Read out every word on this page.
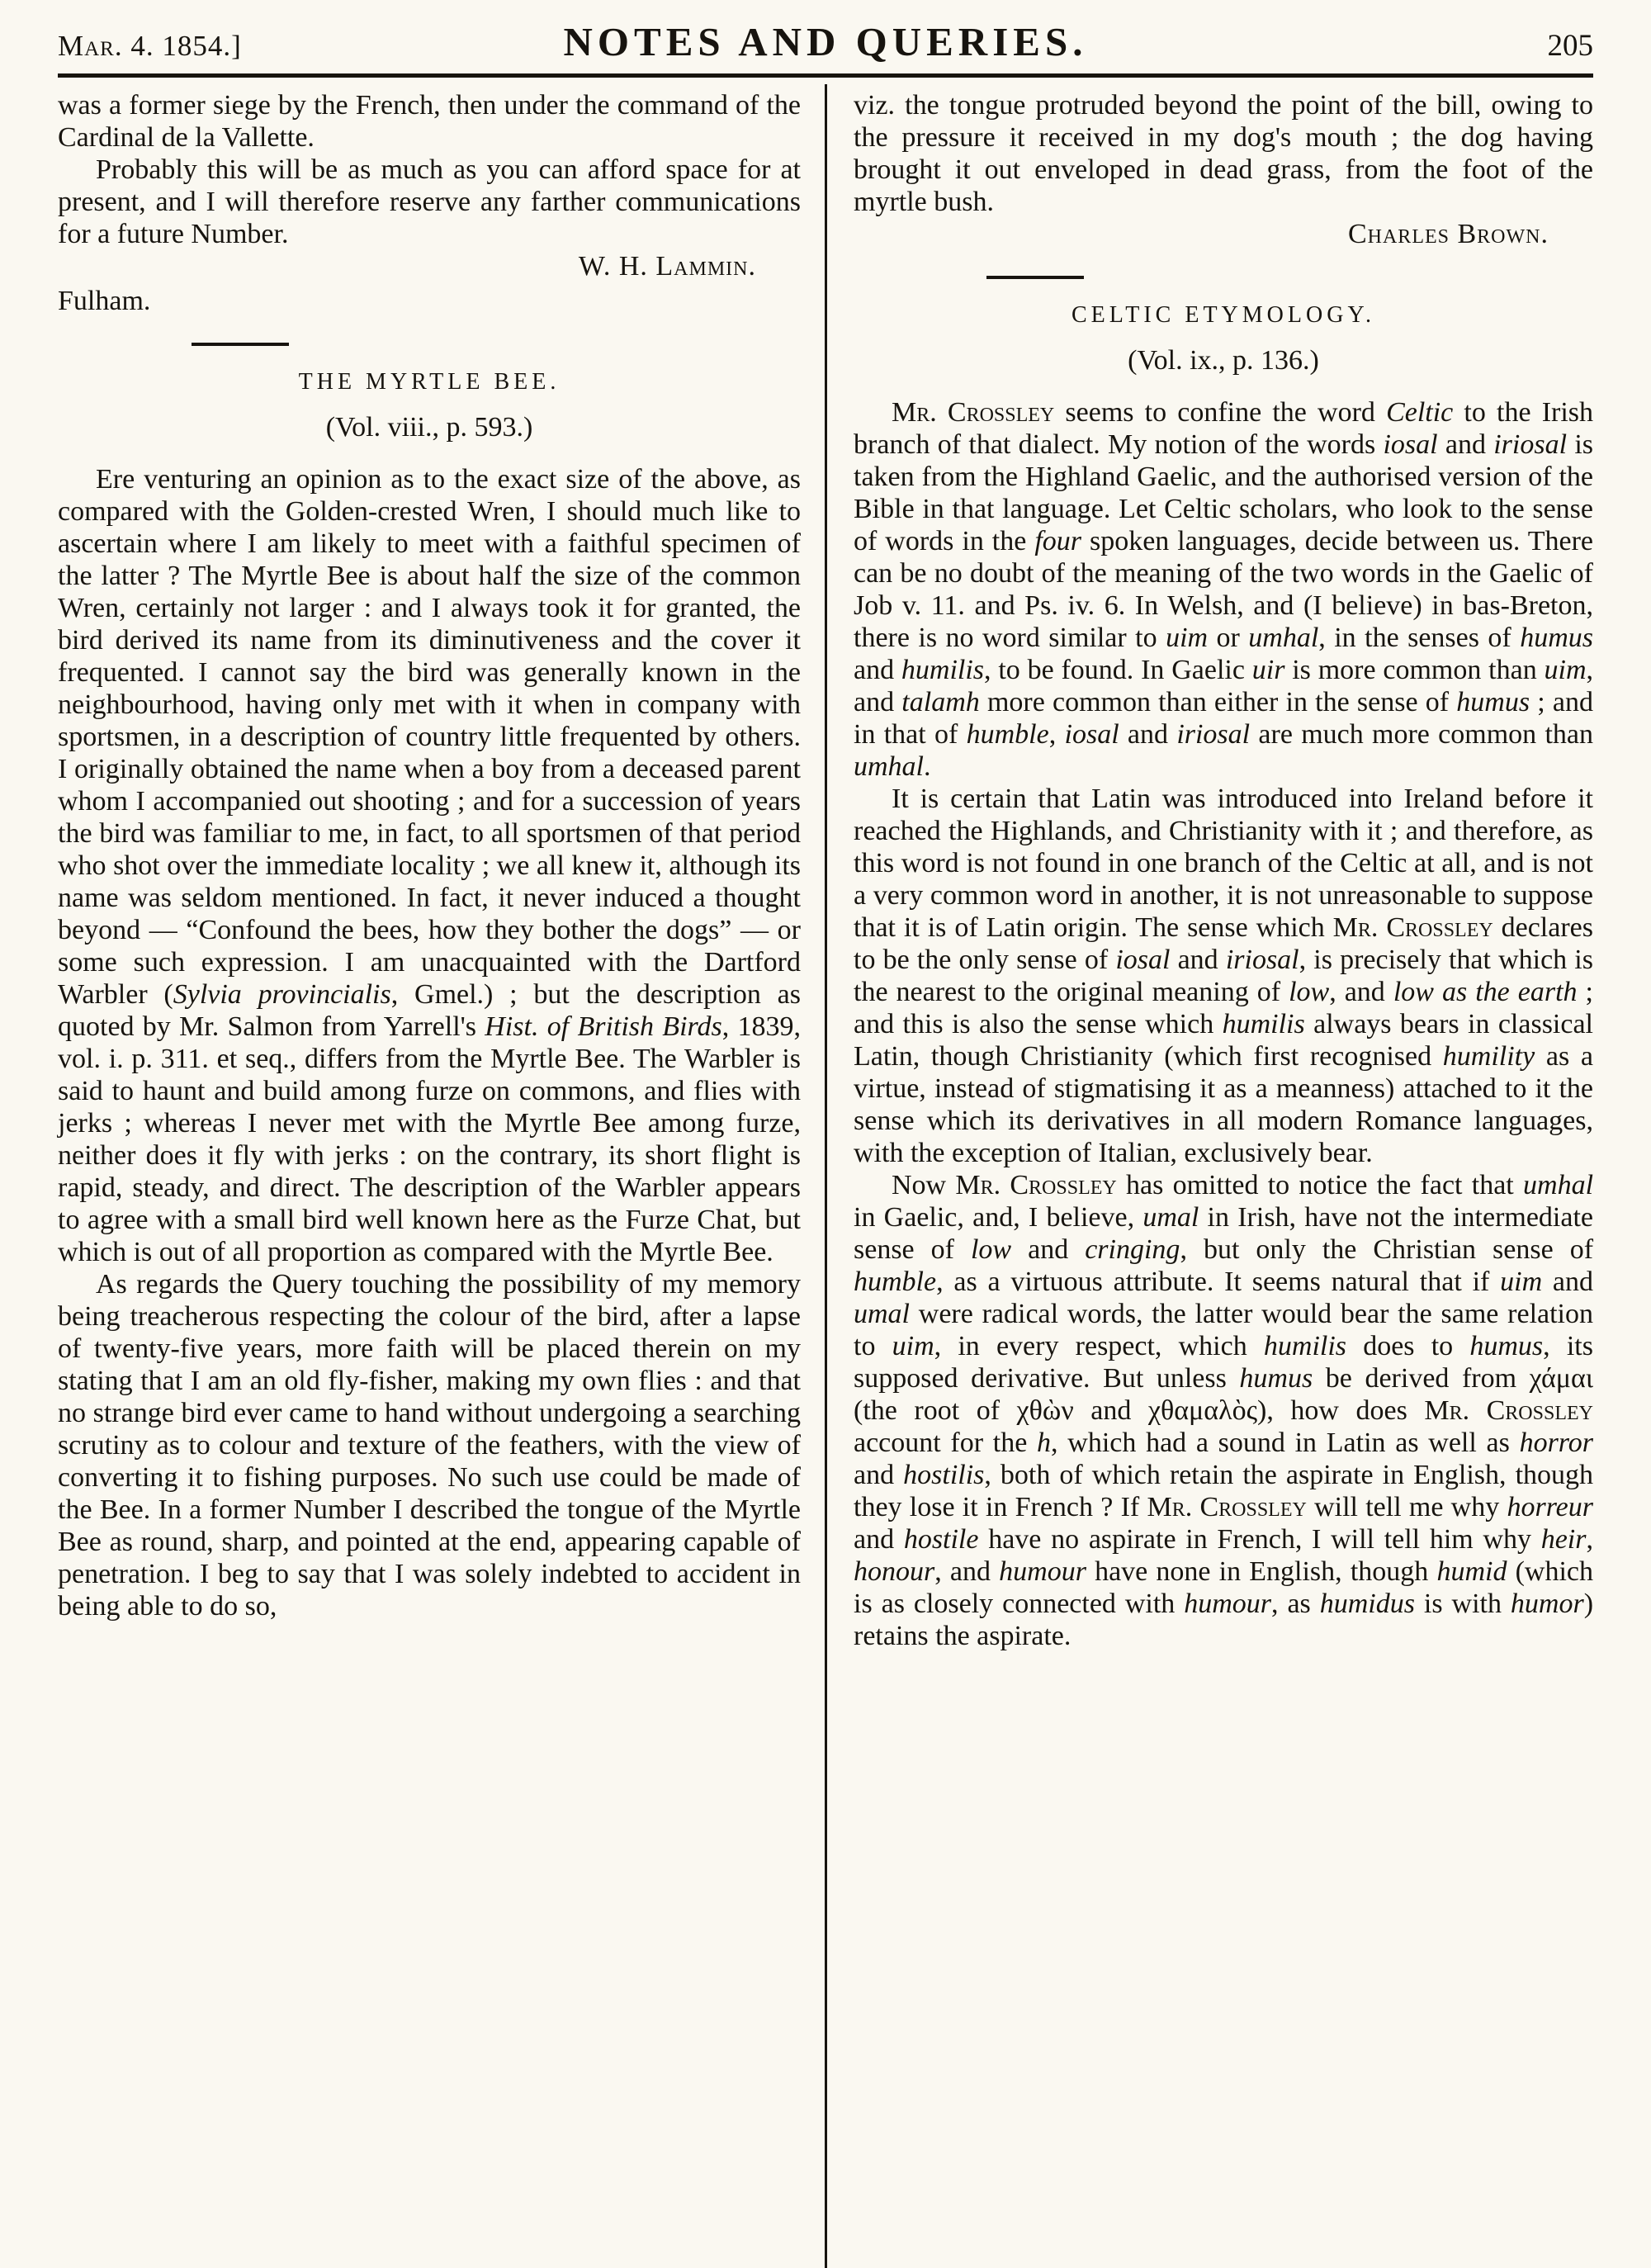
Mar. 4. 1854.]	NOTES AND QUERIES.	205

was a former siege by the French, then under the command of the Cardinal de la Vallette.

Probably this will be as much as you can afford space for at present, and I will therefore reserve any farther communications for a future Number.

W. H. Lammin.
Fulham.
THE MYRTLE BEE.
(Vol. viii., p. 593.)

Ere venturing an opinion as to the exact size of the above, as compared with the Golden-crested Wren, I should much like to ascertain where I am likely to meet with a faithful specimen of the latter ? The Myrtle Bee is about half the size of the common Wren, certainly not larger : and I always took it for granted, the bird derived its name from its diminutiveness and the cover it frequented. I cannot say the bird was generally known in the neighbourhood, having only met with it when in company with sportsmen, in a description of country little frequented by others. I originally obtained the name when a boy from a deceased parent whom I accompanied out shooting ; and for a succession of years the bird was familiar to me, in fact, to all sportsmen of that period who shot over the immediate locality ; we all knew it, although its name was seldom mentioned. In fact, it never induced a thought beyond — “Confound the bees, how they bother the dogs” — or some such expression. I am unacquainted with the Dartford Warbler (Sylvia provincialis, Gmel.) ; but the description as quoted by Mr. Salmon from Yarrell's Hist. of British Birds, 1839, vol. i. p. 311. et seq., differs from the Myrtle Bee. The Warbler is said to haunt and build among furze on commons, and flies with jerks ; whereas I never met with the Myrtle Bee among furze, neither does it fly with jerks : on the contrary, its short flight is rapid, steady, and direct. The description of the Warbler appears to agree with a small bird well known here as the Furze Chat, but which is out of all proportion as compared with the Myrtle Bee.

As regards the Query touching the possibility of my memory being treacherous respecting the colour of the bird, after a lapse of twenty-five years, more faith will be placed therein on my stating that I am an old fly-fisher, making my own flies : and that no strange bird ever came to hand without undergoing a searching scrutiny as to colour and texture of the feathers, with the view of converting it to fishing purposes. No such use could be made of the Bee. In a former Number I described the tongue of the Myrtle Bee as round, sharp, and pointed at the end, appearing capable of penetration. I beg to say that I was solely indebted to accident in being able to do so,

viz. the tongue protruded beyond the point of the bill, owing to the pressure it received in my dog's mouth ; the dog having brought it out enveloped in dead grass, from the foot of the myrtle bush.

Charles Brown.
CELTIC ETYMOLOGY.
(Vol. ix., p. 136.)

Mr. Crossley seems to confine the word Celtic to the Irish branch of that dialect. My notion of the words iosal and iriosal is taken from the Highland Gaelic, and the authorised version of the Bible in that language. Let Celtic scholars, who look to the sense of words in the four spoken languages, decide between us. There can be no doubt of the meaning of the two words in the Gaelic of Job v. 11. and Ps. iv. 6. In Welsh, and (I believe) in bas-Breton, there is no word similar to uim or umhal, in the senses of humus and humilis, to be found. In Gaelic uir is more common than uim, and talamh more common than either in the sense of humus ; and in that of humble, iosal and iriosal are much more common than umhal.

It is certain that Latin was introduced into Ireland before it reached the Highlands, and Christianity with it ; and therefore, as this word is not found in one branch of the Celtic at all, and is not a very common word in another, it is not unreasonable to suppose that it is of Latin origin. The sense which Mr. Crossley declares to be the only sense of iosal and iriosal, is precisely that which is the nearest to the original meaning of low, and low as the earth ; and this is also the sense which humilis always bears in classical Latin, though Christianity (which first recognised humility as a virtue, instead of stigmatising it as a meanness) attached to it the sense which its derivatives in all modern Romance languages, with the exception of Italian, exclusively bear.

Now Mr. Crossley has omitted to notice the fact that umhal in Gaelic, and, I believe, umal in Irish, have not the intermediate sense of low and cringing, but only the Christian sense of humble, as a virtuous attribute. It seems natural that if uim and umal were radical words, the latter would bear the same relation to uim, in every respect, which humilis does to humus, its supposed derivative. But unless humus be derived from χάμαι (the root of χθὼν and χθαμαλὸς), how does Mr. Crossley account for the h, which had a sound in Latin as well as horror and hostilis, both of which retain the aspirate in English, though they lose it in French ? If Mr. Crossley will tell me why horreur and hostile have no aspirate in French, I will tell him why heir, honour, and humour have none in English, though humid (which is as closely connected with humour, as humidus is with humor) retains the aspirate.
